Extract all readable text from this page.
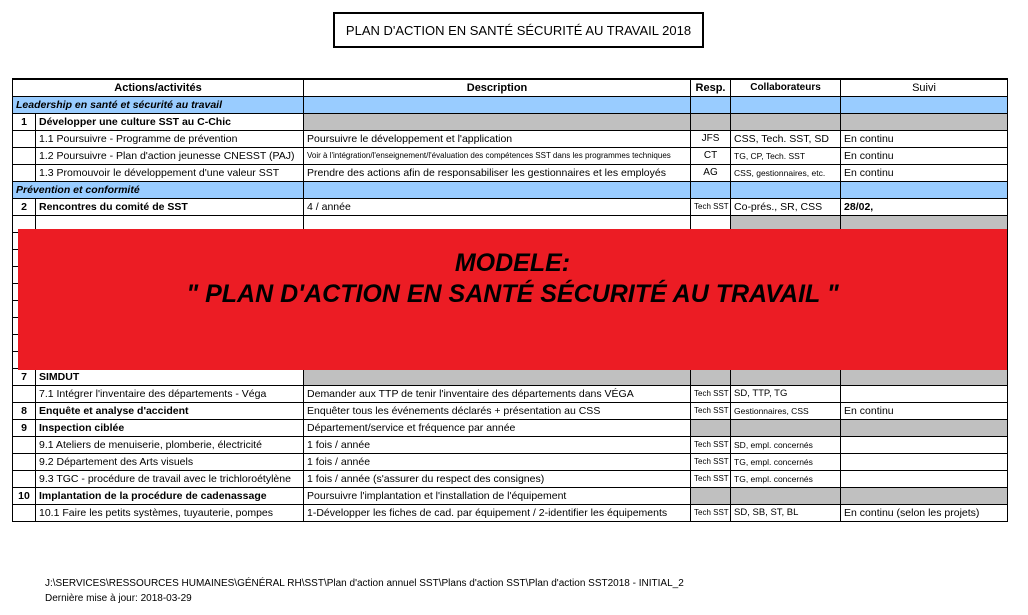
PLAN D'ACTION EN SANTÉ SÉCURITÉ AU TRAVAIL 2018
Actions/activités		Description	Resp.	Collaborateurs	Suivi
Leadership en santé et sécurité au travail					
1	Développer une culture SST au C-Chic				
	1.1 Poursuivre - Programme de prévention	Poursuivre le développement et l'application	JFS	CSS, Tech. SST, SD	En continu
	1.2 Poursuivre - Plan d'action jeunesse CNESST (PAJ)	Voir à l'intégration/l'enseignement/l'évaluation des compétences SST dans les programmes techniques	CT	TG, CP, Tech. SST	En continu
	1.3 Promouvoir le développement d'une valeur SST	Prendre des actions afin de responsabiliser les gestionnaires et les employés	AG	CSS, gestionnaires, etc.	En continu
Prévention et conformité					
2	Rencontres du comité de SST	4 / année	Tech SST	Co-prés., SR, CSS	28/02,

7	SIMDUT				
	7.1 Intégrer l'inventaire des départements - Véga	Demander aux TTP de tenir l'inventaire des départements dans VÉGA	Tech SST	SD, TTP, TG	
8	Enquête et analyse d'accident	Enquêter tous les événements déclarés + présentation au CSS	Tech SST	Gestionnaires, CSS	En continu
9	Inspection ciblée	Département/service et fréquence par année			
	9.1 Ateliers de menuiserie, plomberie, électricité	1 fois / année	Tech SST	SD, empl. concernés	
	9.2 Département des Arts visuels	1 fois / année	Tech SST	TG, empl. concernés	
	9.3 TGC - procédure de travail avec le trichloroétylène	1 fois / année (s'assurer du respect des consignes)	Tech SST	TG, empl. concernés	
10	Implantation de la procédure de cadenassage	Poursuivre l'implantation et l'installation de l'équipement			
	10.1 Faire les petits systèmes, tuyauterie, pompes	1-Développer les fiches de cad. par équipement / 2-identifier les équipements	Tech SST	SD, SB, ST, BL	En continu (selon les projets)
MODELE:
" PLAN D'ACTION EN SANTÉ SÉCURITÉ AU TRAVAIL "
J:\SERVICES\RESSOURCES HUMAINES\GÉNÉRAL RH\SST\Plan d'action annuel SST\Plans d'action SST\Plan d'action SST2018 - INITIAL_2
Dernière mise à jour: 2018-03-29
